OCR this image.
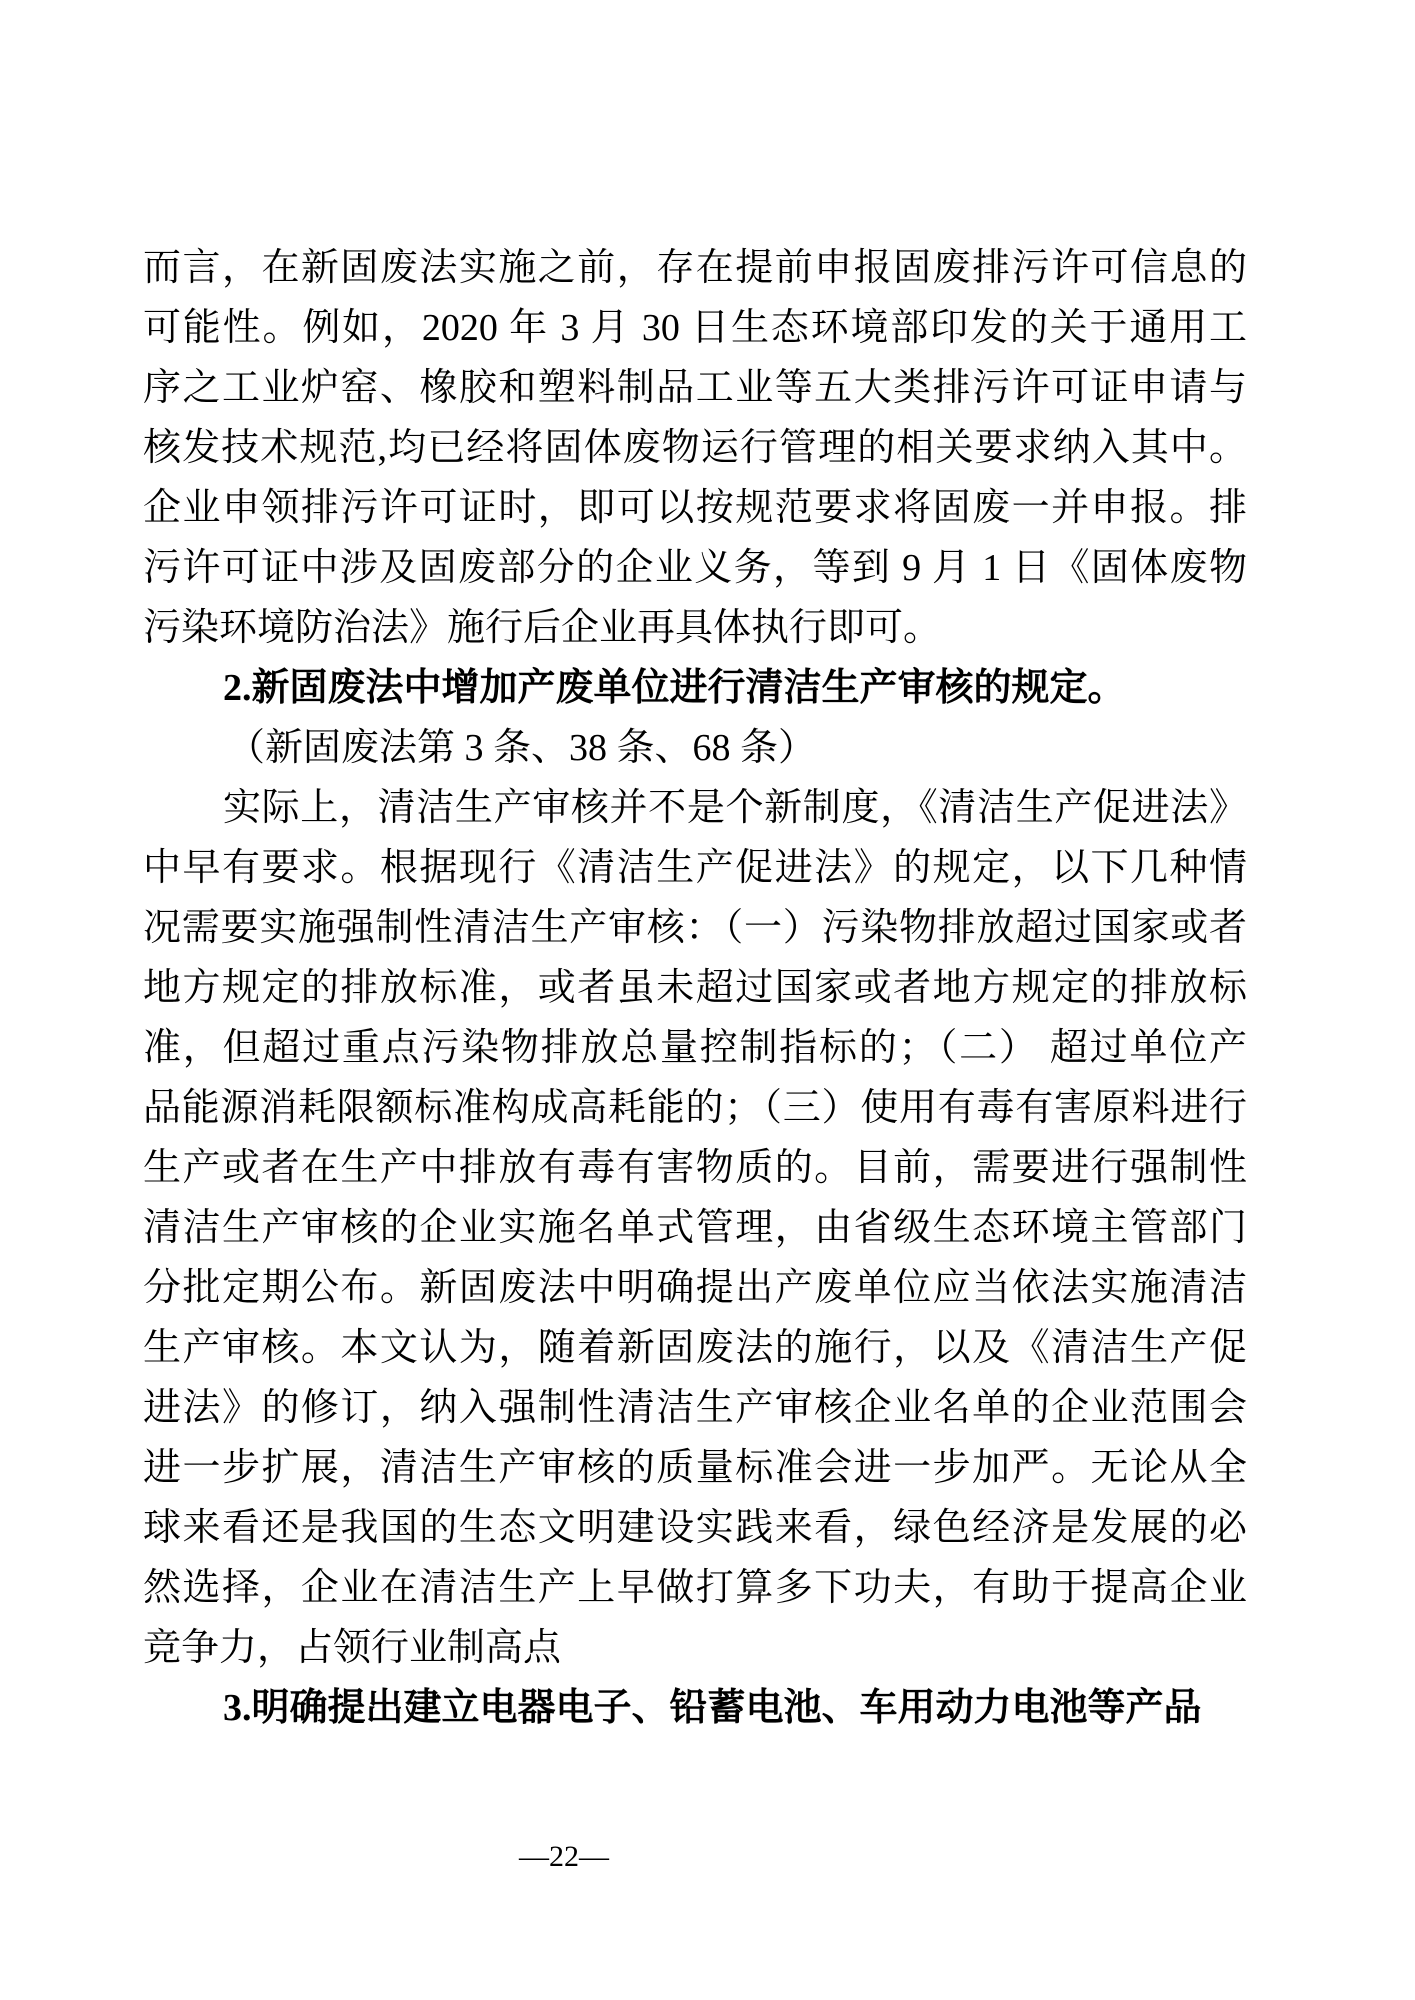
而言，在新固废法实施之前，存在提前申报固废排污许可信息的
可能性。例如，2020 年 3 月 30 日生态环境部印发的关于通用工
序之工业炉窑、橡胶和塑料制品工业等五大类排污许可证申请与
核发技术规范,均已经将固体废物运行管理的相关要求纳入其中。
企业申领排污许可证时，即可以按规范要求将固废一并申报。排
污许可证中涉及固废部分的企业义务，等到 9 月 1 日《固体废物
污染环境防治法》施行后企业再具体执行即可。
2.新固废法中增加产废单位进行清洁生产审核的规定。
（新固废法第 3 条、38 条、68 条）
实际上，清洁生产审核并不是个新制度，《清洁生产促进法》
中早有要求。根据现行《清洁生产促进法》的规定，以下几种情
况需要实施强制性清洁生产审核：（一）污染物排放超过国家或者
地方规定的排放标准，或者虽未超过国家或者地方规定的排放标
准，但超过重点污染物排放总量控制指标的；（二） 超过单位产
品能源消耗限额标准构成高耗能的；（三）使用有毒有害原料进行
生产或者在生产中排放有毒有害物质的。目前，需要进行强制性
清洁生产审核的企业实施名单式管理，由省级生态环境主管部门
分批定期公布。新固废法中明确提出产废单位应当依法实施清洁
生产审核。本文认为，随着新固废法的施行，以及《清洁生产促
进法》的修订，纳入强制性清洁生产审核企业名单的企业范围会
进一步扩展，清洁生产审核的质量标准会进一步加严。无论从全
球来看还是我国的生态文明建设实践来看，绿色经济是发展的必
然选择，企业在清洁生产上早做打算多下功夫，有助于提高企业
竞争力，占领行业制高点
3.明确提出建立电器电子、铅蓄电池、车用动力电池等产品
—22—
